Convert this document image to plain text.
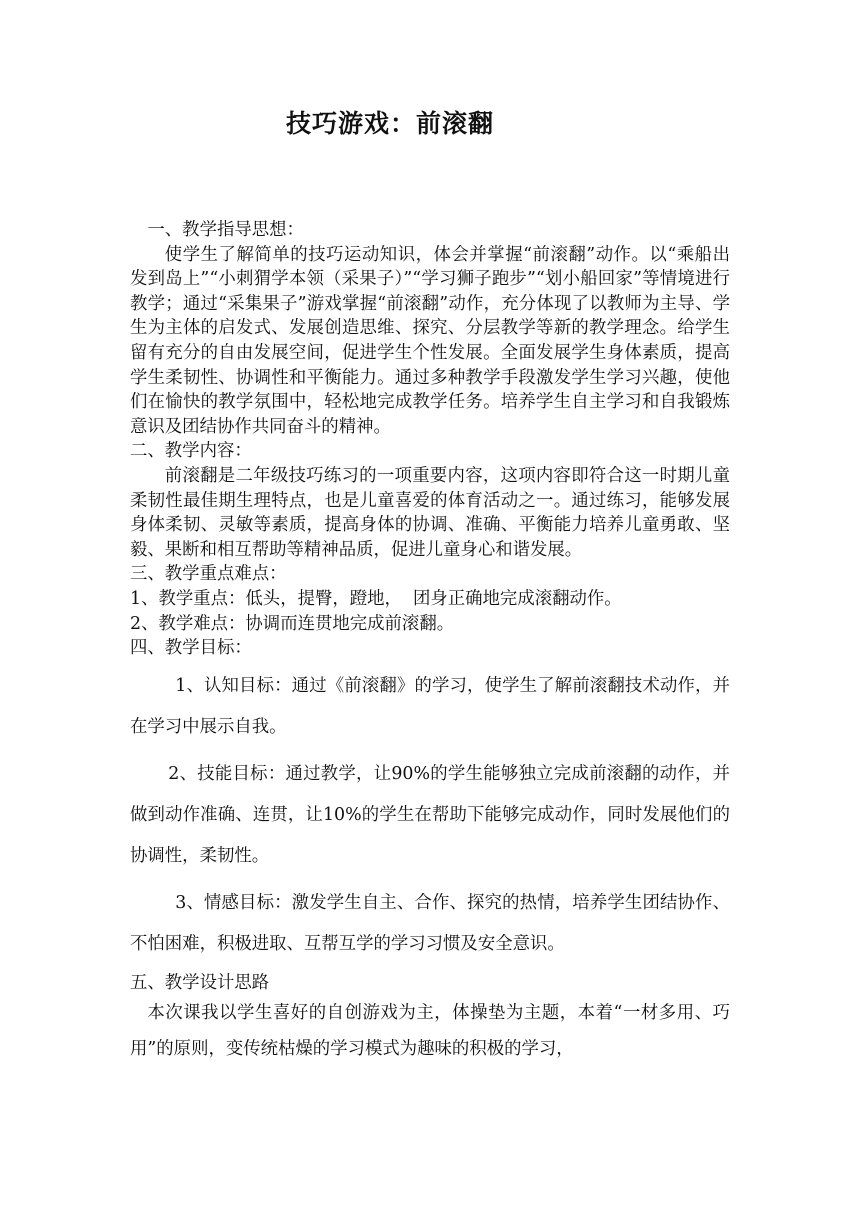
技巧游戏：前滚翻

一、教学指导思想：

使学生了解简单的技巧运动知识，体会并掌握“前滚翻”动作。以“乘船出发到岛上”“小刺猬学本领（采果子）”“学习狮子跑步”“划小船回家”等情境进行教学；通过“采集果子”游戏掌握“前滚翻”动作，充分体现了以教师为主导、学生为主体的启发式、发展创造思维、探究、分层教学等新的教学理念。给学生留有充分的自由发展空间，促进学生个性发展。全面发展学生身体素质，提高学生柔韧性、协调性和平衡能力。通过多种教学手段激发学生学习兴趣，使他们在愉快的教学氛围中，轻松地完成教学任务。培养学生自主学习和自我锻炼意识及团结协作共同奋斗的精神。

二、教学内容：

前滚翻是二年级技巧练习的一项重要内容，这项内容即符合这一时期儿童柔韧性最佳期生理特点，也是儿童喜爱的体育活动之一。通过练习，能够发展身体柔韧、灵敏等素质，提高身体的协调、准确、平衡能力培养儿童勇敢、坚毅、果断和相互帮助等精神品质，促进儿童身心和谐发展。

三、教学重点难点：

1、教学重点：低头，提臀，蹬地，  团身正确地完成滚翻动作。

2、教学难点：协调而连贯地完成前滚翻。

四、教学目标：

1、认知目标：通过《前滚翻》的学习，使学生了解前滚翻技术动作，并在学习中展示自我。

2、技能目标：通过教学，让90%的学生能够独立完成前滚翻的动作，并做到动作准确、连贯，让10%的学生在帮助下能够完成动作，同时发展他们的协调性，柔韧性。

3、情感目标：激发学生自主、合作、探究的热情，培养学生团结协作、不怕困难，积极进取、互帮互学的学习习惯及安全意识。

五、教学设计思路

本次课我以学生喜好的自创游戏为主，体操垫为主题，本着“一材多用、巧用”的原则，变传统枯燥的学习模式为趣味的积极的学习，
